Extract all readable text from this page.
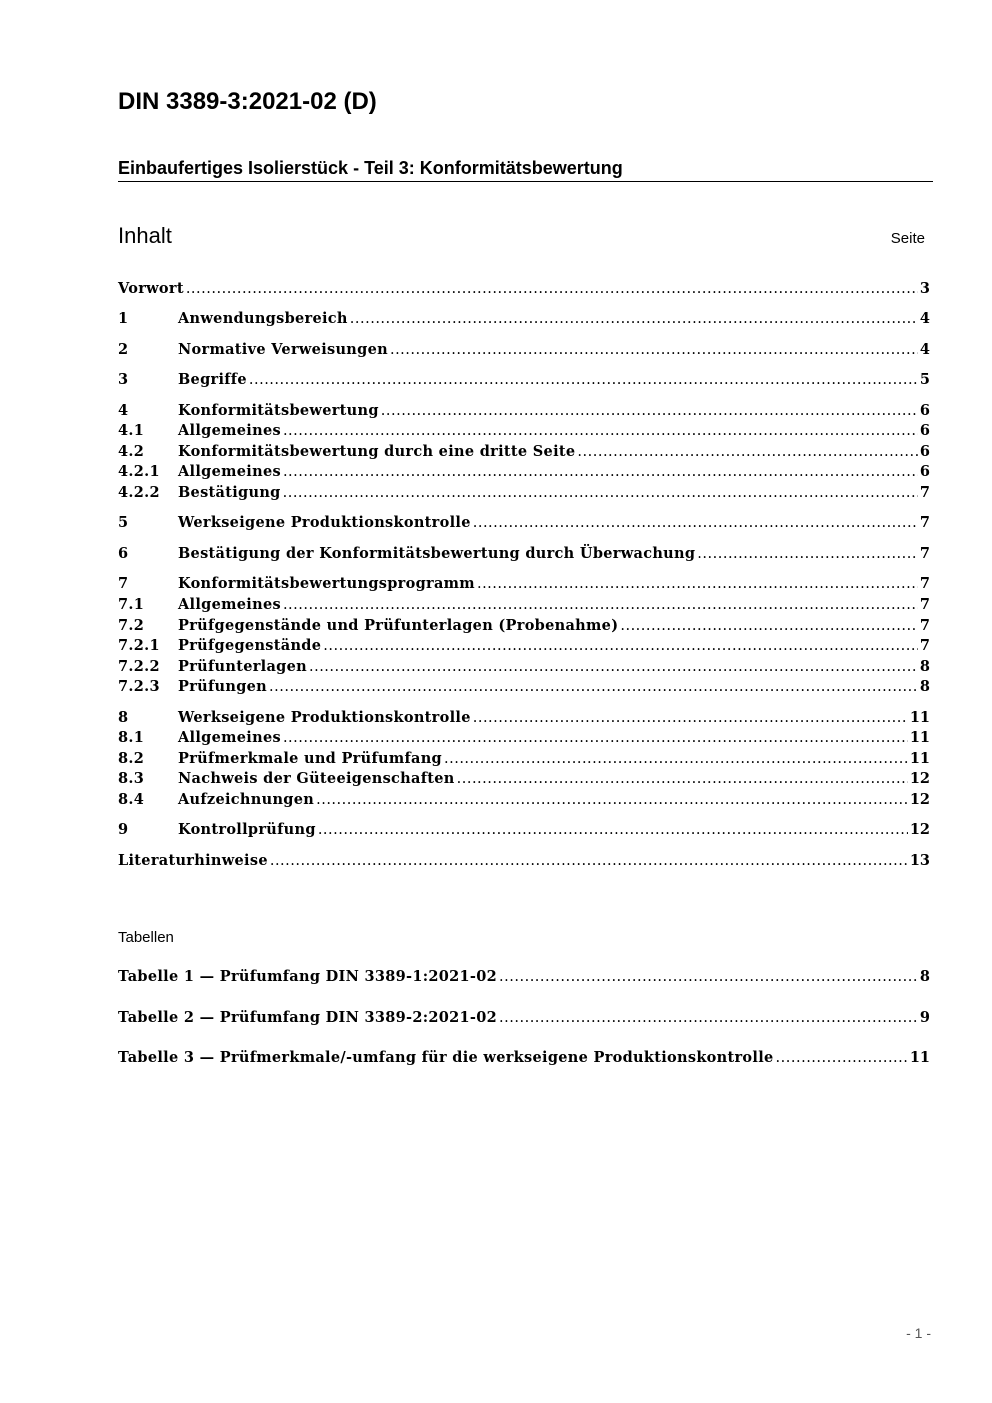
DIN 3389-3:2021-02 (D)
Einbaufertiges Isolierstück - Teil 3: Konformitätsbewertung
Inhalt	Seite
Vorwort .....	3
1	Anwendungsbereich .....	4
2	Normative Verweisungen .....	4
3	Begriffe .....	5
4	Konformitätsbewertung .....	6
4.1	Allgemeines .....	6
4.2	Konformitätsbewertung durch eine dritte Seite .....	6
4.2.1	Allgemeines .....	6
4.2.2	Bestätigung .....	7
5	Werkseigene Produktionskontrolle .....	7
6	Bestätigung der Konformitätsbewertung durch Überwachung .....	7
7	Konformitätsbewertungsprogramm .....	7
7.1	Allgemeines .....	7
7.2	Prüfgegenstände und Prüfunterlagen (Probenahme) .....	7
7.2.1	Prüfgegenstände .....	7
7.2.2	Prüfunterlagen .....	8
7.2.3	Prüfungen .....	8
8	Werkseigene Produktionskontrolle .....	11
8.1	Allgemeines .....	11
8.2	Prüfmerkmale und Prüfumfang .....	11
8.3	Nachweis der Güteeigenschaften .....	12
8.4	Aufzeichnungen .....	12
9	Kontrollprüfung .....	12
Literaturhinweise .....	13
Tabellen
Tabelle 1 — Prüfumfang DIN 3389-1:2021-02 .....	8
Tabelle 2 — Prüfumfang DIN 3389-2:2021-02 .....	9
Tabelle 3 — Prüfmerkmale/-umfang für die werkseigene Produktionskontrolle .....	11
- 1 -
